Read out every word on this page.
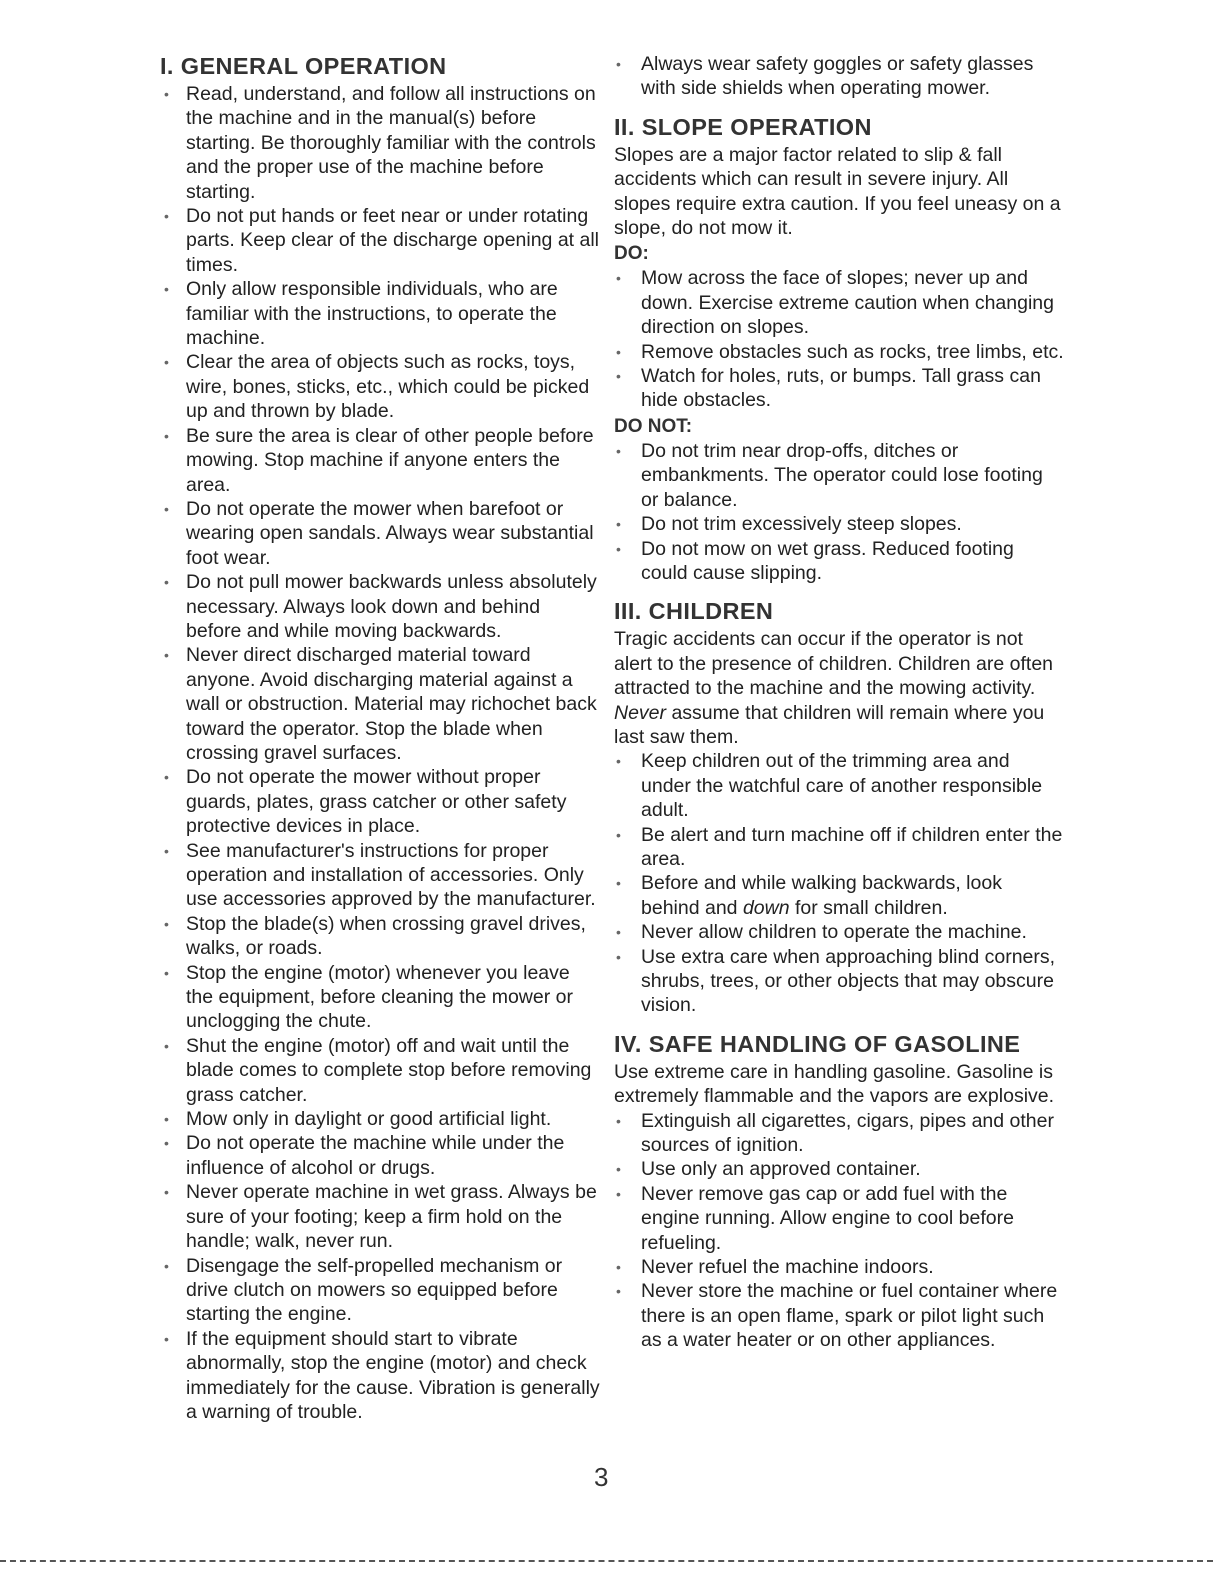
I. GENERAL OPERATION
• Read, understand, and follow all instructions on the machine and in the manual(s) before starting. Be thoroughly familiar with the controls and the proper use of the machine before starting.
• Do not put hands or feet near or under rotating parts. Keep clear of the discharge opening at all times.
• Only allow responsible individuals, who are familiar with the instructions, to operate the machine.
• Clear the area of objects such as rocks, toys, wire, bones, sticks, etc., which could be picked up and thrown by blade.
• Be sure the area is clear of other people before mowing. Stop machine if anyone enters the area.
• Do not operate the mower when barefoot or wearing open sandals. Always wear substantial foot wear.
• Do not pull mower backwards unless absolutely necessary. Always look down and behind before and while moving backwards.
• Never direct discharged material toward anyone. Avoid discharging material against a wall or obstruction. Material may richochet back toward the operator. Stop the blade when crossing gravel surfaces.
• Do not operate the mower without proper guards, plates, grass catcher or other safety protective devices in place.
• See manufacturer's instructions for proper operation and installation of accessories. Only use accessories approved by the manufacturer.
• Stop the blade(s) when crossing gravel drives, walks, or roads.
• Stop the engine (motor) whenever you leave the equipment, before cleaning the mower or unclogging the chute.
• Shut the engine (motor) off and wait until the blade comes to complete stop before removing grass catcher.
• Mow only in daylight or good artificial light.
• Do not operate the machine while under the influence of alcohol or drugs.
• Never operate machine in wet grass. Always be sure of your footing; keep a firm hold on the handle; walk, never run.
• Disengage the self-propelled mechanism or drive clutch on mowers so equipped before starting the engine.
• If the equipment should start to vibrate abnormally, stop the engine (motor) and check immediately for the cause. Vibration is generally a warning of trouble.
• Always wear safety goggles or safety glasses with side shields when operating mower.
II. SLOPE OPERATION

Slopes are a major factor related to slip & fall accidents which can result in severe injury. All slopes require extra caution. If you feel uneasy on a slope, do not mow it.

DO:
• Mow across the face of slopes; never up and down. Exercise extreme caution when changing direction on slopes.
• Remove obstacles such as rocks, tree limbs, etc.
• Watch for holes, ruts, or bumps. Tall grass can hide obstacles.
DO NOT:
• Do not trim near drop-offs, ditches or embankments. The operator could lose footing or balance.
• Do not trim excessively steep slopes.
• Do not mow on wet grass. Reduced footing could cause slipping.
III. CHILDREN

Tragic accidents can occur if the operator is not alert to the presence of children. Children are often attracted to the machine and the mowing activity. Never assume that children will remain where you last saw them.

• Keep children out of the trimming area and under the watchful care of another responsible adult.
• Be alert and turn machine off if children enter the area.
• Before and while walking backwards, look behind and down for small children.
• Never allow children to operate the machine.
• Use extra care when approaching blind corners, shrubs, trees, or other objects that may obscure vision.
IV. SAFE HANDLING OF GASOLINE

Use extreme care in handling gasoline. Gasoline is extremely flammable and the vapors are explosive.

• Extinguish all cigarettes, cigars, pipes and other sources of ignition.
• Use only an approved container.
• Never remove gas cap or add fuel with the engine running. Allow engine to cool before refueling.
• Never refuel the machine indoors.
• Never store the machine or fuel container where there is an open flame, spark or pilot light such as a water heater or on other appliances.
3
